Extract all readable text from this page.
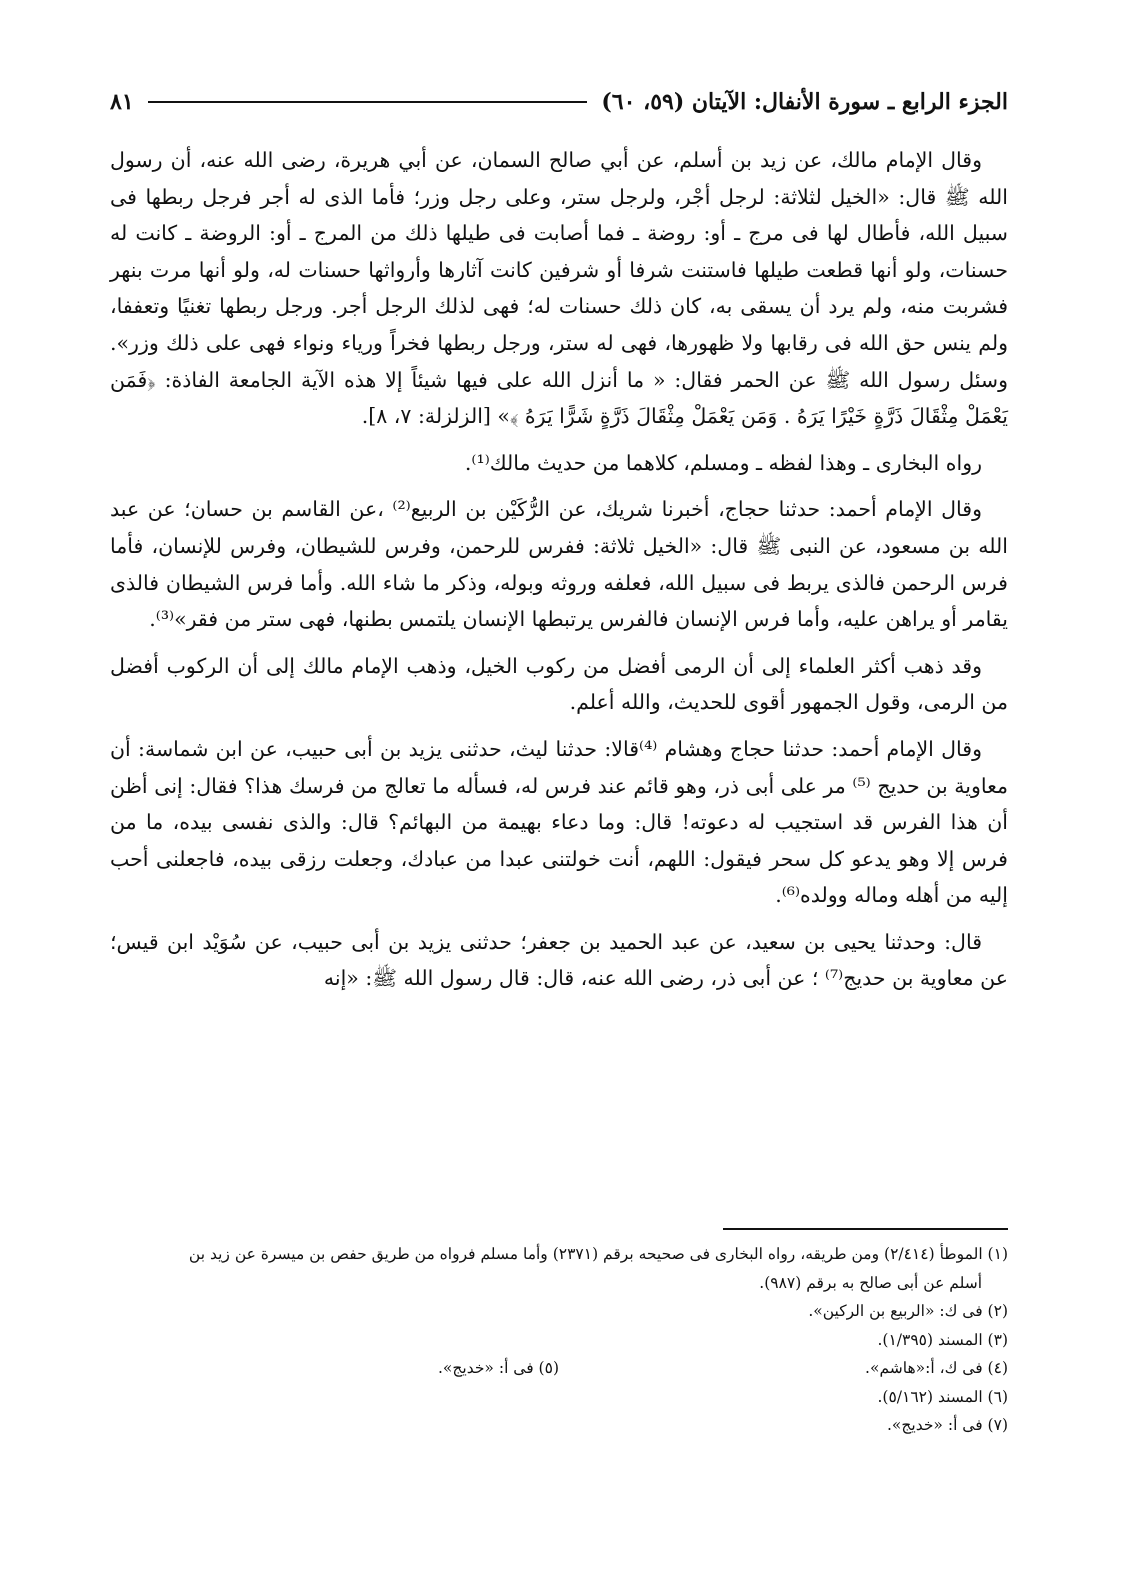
الجزء الرابع ـ سورة الأنفال: الآيتان (٥٩، ٦٠)
٨١

وقال الإمام مالك، عن زيد بن أسلم، عن أبي صالح السمان، عن أبي هريرة، رضى الله عنه، أن رسول الله ﷺ قال: «الخيل لثلاثة: لرجل أجْر، ولرجل ستر، وعلى رجل وزر؛ فأما الذى له أجر فرجل ربطها فى سبيل الله، فأطال لها فى مرج ـ أو: روضة ـ فما أصابت فى طيلها ذلك من المرج ـ أو: الروضة ـ كانت له حسنات، ولو أنها قطعت طيلها فاستنت شرفا أو شرفين كانت آثارها وأرواثها حسنات له، ولو أنها مرت بنهر فشربت منه، ولم يرد أن يسقى به، كان ذلك حسنات له؛ فهى لذلك الرجل أجر. ورجل ربطها تغنيًا وتعففا، ولم ينس حق الله فى رقابها ولا ظهورها، فهى له ستر، ورجل ربطها فخراً ورياء ونواء فهى على ذلك وزر». وسئل رسول الله ﷺ عن الحمر فقال: « ما أنزل الله على فيها شيئاً إلا هذه الآية الجامعة الفاذة: ﴿فَمَن يَعْمَلْ مِثْقَالَ ذَرَّةٍ خَيْرًا يَرَهُ . وَمَن يَعْمَلْ مِثْقَالَ ذَرَّةٍ شَرًّا يَرَهُ ﴾» [الزلزلة: ٧، ٨].

رواه البخارى ـ وهذا لفظه ـ ومسلم، كلاهما من حديث مالك⁽¹⁾.

وقال الإمام أحمد: حدثنا حجاج، أخبرنا شريك، عن الرُّكَيْن بن الربيع⁽²⁾ ،عن القاسم بن حسان؛ عن عبد الله بن مسعود، عن النبى ﷺ قال: «الخيل ثلاثة: ففرس للرحمن، وفرس للشيطان، وفرس للإنسان، فأما فرس الرحمن فالذى يربط فى سبيل الله، فعلفه وروثه وبوله، وذكر ما شاء الله. وأما فرس الشيطان فالذى يقامر أو يراهن عليه، وأما فرس الإنسان فالفرس يرتبطها الإنسان يلتمس بطنها، فهى ستر من فقر»⁽³⁾.

وقد ذهب أكثر العلماء إلى أن الرمى أفضل من ركوب الخيل، وذهب الإمام مالك إلى أن الركوب أفضل من الرمى، وقول الجمهور أقوى للحديث، والله أعلم.

وقال الإمام أحمد: حدثنا حجاج وهشام ⁽⁴⁾قالا: حدثنا ليث، حدثنى يزيد بن أبى حبيب، عن ابن شماسة: أن معاوية بن حديج ⁽⁵⁾ مر على أبى ذر، وهو قائم عند فرس له، فسأله ما تعالج من فرسك هذا؟ فقال: إنى أظن أن هذا الفرس قد استجيب له دعوته! قال: وما دعاء بهيمة من البهائم؟ قال: والذى نفسى بيده، ما من فرس إلا وهو يدعو كل سحر فيقول: اللهم، أنت خولتنى عبدا من عبادك، وجعلت رزقى بيده، فاجعلنى أحب إليه من أهله وماله وولده⁽⁶⁾.

قال: وحدثنا يحيى بن سعيد، عن عبد الحميد بن جعفر؛ حدثنى يزيد بن أبى حبيب، عن سُوَيْد ابن قيس؛ عن معاوية بن حديج⁽⁷⁾ ؛ عن أبى ذر، رضى الله عنه، قال: قال رسول الله ﷺ: «إنه

(١) الموطأ (٢/٤١٤) ومن طريقه، رواه البخارى فى صحيحه برقم (٢٣٧١) وأما مسلم فرواه من طريق حفص بن ميسرة عن زيد بن

أسلم عن أبى صالح به برقم (٩٨٧).

(٢) فى ك: «الربيع بن الركين».

(٣) المسند (١/٣٩٥).

(٤) فى ك، أ:«هاشم».

(٥) فى أ: «خديج».

(٦) المسند (٥/١٦٢).

(٧) فى أ: «خديج».
